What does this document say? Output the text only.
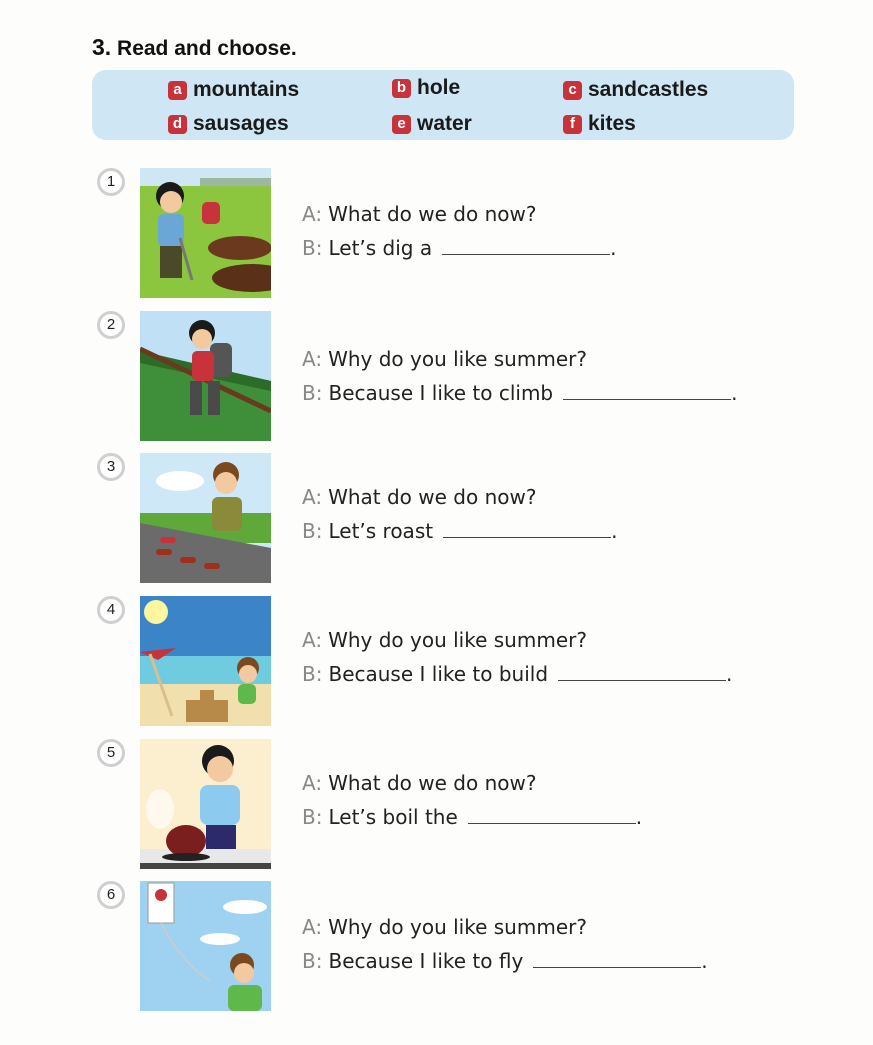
3. Read and choose.
a mountains	b hole	c sandcastles
d sausages	e water	f kites
1
A: What do we do now?
B: Let’s dig a	.
2
A: Why do you like summer?
B: Because I like to climb	.
3
A: What do we do now?
B: Let’s roast	.
4
A: Why do you like summer?
B: Because I like to build	.
5
A: What do we do now?
B: Let’s boil the	.
6
A: Why do you like summer?
B: Because I like to fly	.
